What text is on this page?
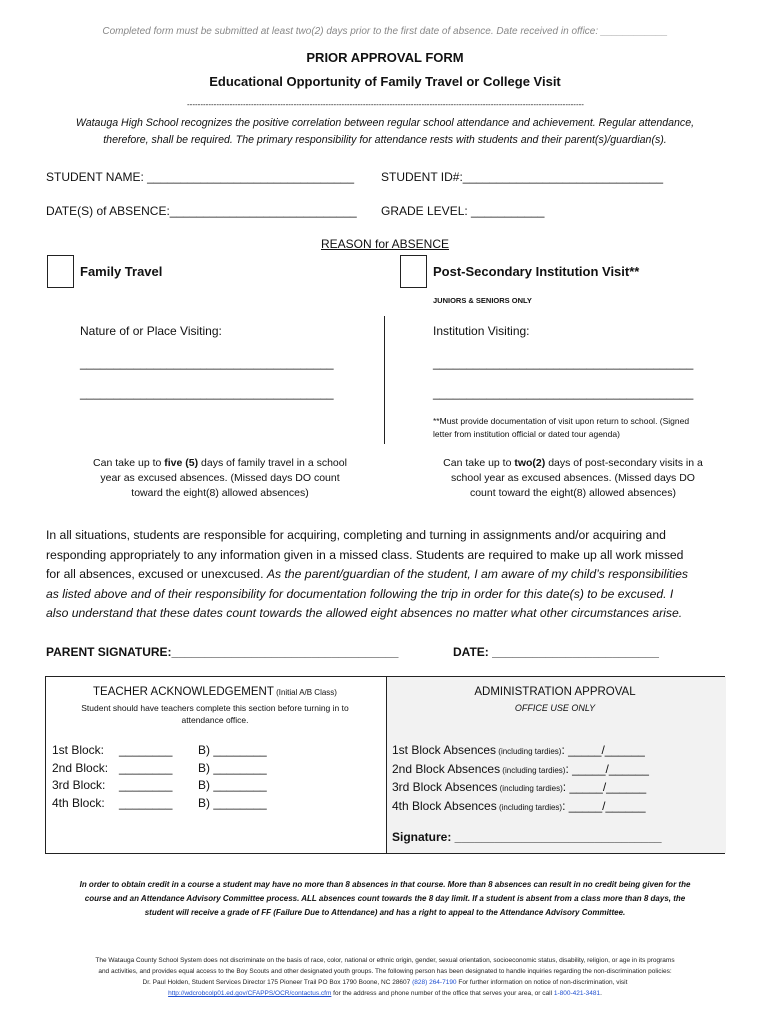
Completed form must be submitted at least two(2) days prior to the first date of absence. Date received in office: ____________
PRIOR APPROVAL FORM
Educational Opportunity of Family Travel or College Visit
-----------------------------------------------------------------------------------------------------------------------------------------------------
Watauga High School recognizes the positive correlation between regular school attendance and achievement. Regular attendance,
therefore, shall be required. The primary responsibility for attendance rests with students and their parent(s)/guardian(s).
STUDENT NAME: _______________________________ STUDENT ID#:______________________________
DATE(S) of ABSENCE:____________________________ GRADE LEVEL: ___________
REASON for ABSENCE
Family Travel	Post-Secondary Institution Visit**
JUNIORS & SENIORS ONLY
Nature of or Place Visiting:
______________________________________
______________________________________
Institution Visiting:
_______________________________________
_______________________________________
**Must provide documentation of visit upon return to school. (Signed
letter from institution official or dated tour agenda)
Can take up to five (5) days of family travel in a school
year as excused absences. (Missed days DO count
toward the eight(8) allowed absences)
Can take up to two(2) days of post-secondary visits in a
school year as excused absences. (Missed days DO
count toward the eight(8) allowed absences)
In all situations, students are responsible for acquiring, completing and turning in assignments and/or acquiring and
responding appropriately to any information given in a missed class. Students are required to make up all work missed
for all absences, excused or unexcused. As the parent/guardian of the student, I am aware of my child’s responsibilities
as listed above and of their responsibility for documentation following the trip in order for this date(s) to be excused. I
also understand that these dates count towards the allowed eight absences no matter what other circumstances arise.
PARENT SIGNATURE:__________________________________	DATE: _________________________
TEACHER ACKNOWLEDGEMENT (Initial A/B Class)
Student should have teachers complete this section before turning in to
attendance office.
1st Block: ________ B) ________
2nd Block: ________ B) ________
3rd Block: ________ B) ________
4th Block: ________ B) ________
ADMINISTRATION APPROVAL
OFFICE USE ONLY
1st Block Absences (including tardies): _____/______
2nd Block Absences (including tardies): _____/______
3rd Block Absences (including tardies): _____/______
4th Block Absences (including tardies): _____/______
Signature: _______________________________
In order to obtain credit in a course a student may have no more than 8 absences in that course. More than 8 absences can result in no credit being given for the
course and an Attendance Advisory Committee process. ALL absences count towards the 8 day limit. If a student is absent from a class more than 8 days, the
student will receive a grade of FF (Failure Due to Attendance) and has a right to appeal to the Attendance Advisory Committee.
The Watauga County School System does not discriminate on the basis of race, color, national or ethnic origin, gender, sexual orientation, socioeconomic status, disability, religion, or age in its programs
and activities, and provides equal access to the Boy Scouts and other designated youth groups. The following person has been designated to handle inquiries regarding the non-discrimination policies:
Dr. Paul Holden, Student Services Director 175 Pioneer Trail PO Box 1790 Boone, NC 28607 (828) 264-7190 For further information on notice of non-discrimination, visit
http://wdcrobcolp01.ed.gov/CFAPPS/OCR/contactus.cfm for the address and phone number of the office that serves your area, or call 1-800-421-3481.
